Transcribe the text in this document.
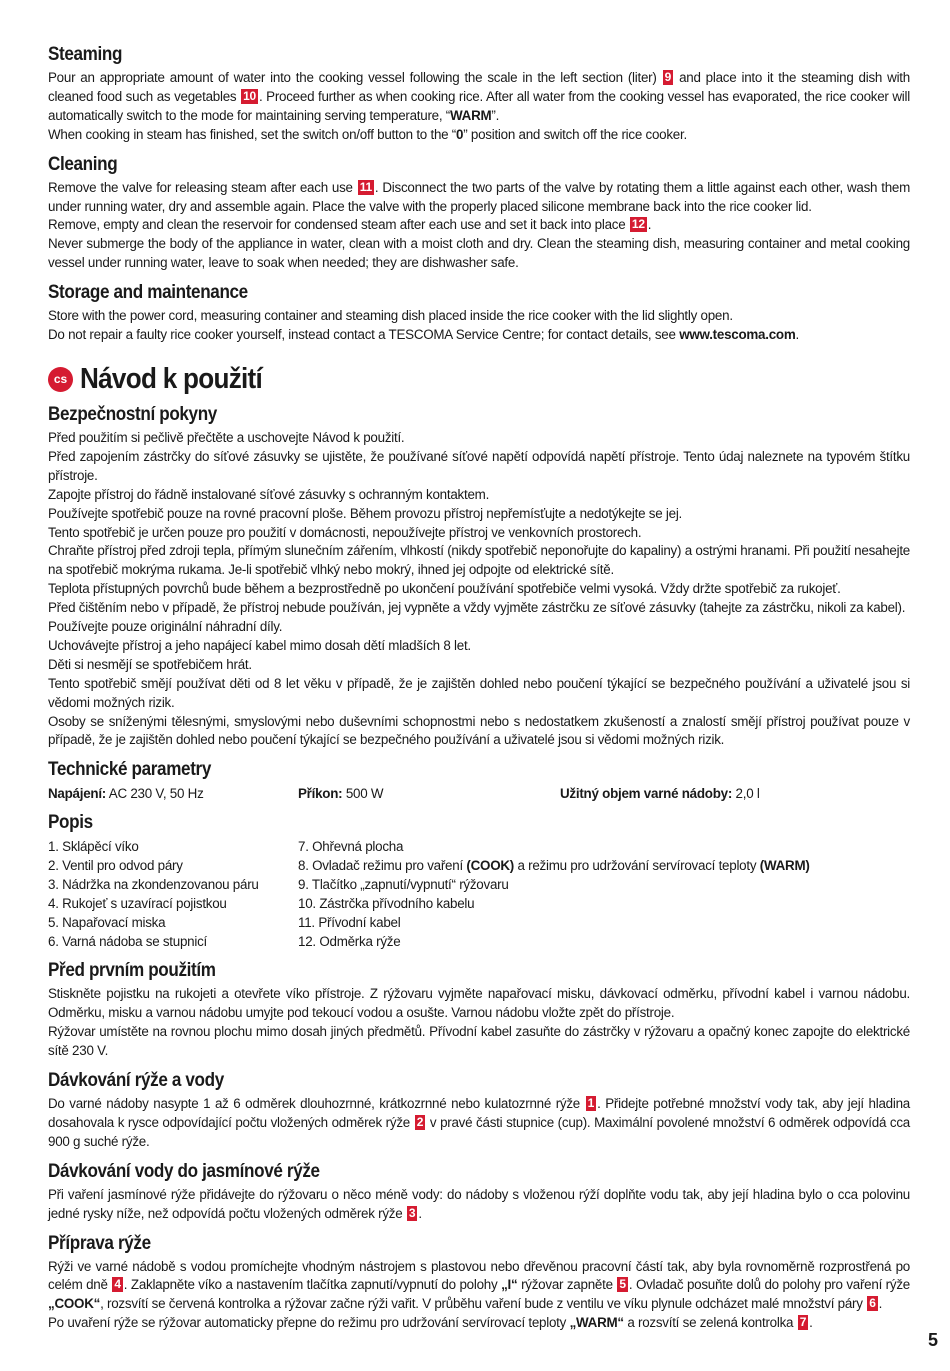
Steaming

Pour an appropriate amount of water into the cooking vessel following the scale in the left section (liter) 9 and place into it the steaming dish with cleaned food such as vegetables 10 . Proceed further as when cooking rice. After all water from the cooking vessel has evaporated, the rice cooker will automatically switch to the mode for maintaining serving temperature, “WARM”.

When cooking in steam has finished, set the switch on/off button to the “0” position and switch off the rice cooker.

Cleaning

Remove the valve for releasing steam after each use 11 . Disconnect the two parts of the valve by rotating them a little against each other, wash them under running water, dry and assemble again. Place the valve with the properly placed silicone membrane back into the rice cooker lid.

Remove, empty and clean the reservoir for condensed steam after each use and set it back into place 12 .

Never submerge the body of the appliance in water, clean with a moist cloth and dry. Clean the steaming dish, measuring container and metal cooking vessel under running water, leave to soak when needed; they are dishwasher safe.

Storage and maintenance

Store with the power cord, measuring container and steaming dish placed inside the rice cooker with the lid slightly open.

Do not repair a faulty rice cooker yourself, instead contact a TESCOMA Service Centre; for contact details, see www.tescoma.com.

cs Návod k použití
Bezpečnostní pokyny

Před použitím si pečlivě přečtěte a uschovejte Návod k použití.

Před zapojením zástrčky do síťové zásuvky se ujistěte, že používané síťové napětí odpovídá napětí přístroje. Tento údaj naleznete na typovém štítku přístroje.

Zapojte přístroj do řádně instalované síťové zásuvky s ochranným kontaktem.

Používejte spotřebič pouze na rovné pracovní ploše. Během provozu přístroj nepřemísťujte a nedotýkejte se jej.

Tento spotřebič je určen pouze pro použití v domácnosti, nepoužívejte přístroj ve venkovních prostorech.

Chraňte přístroj před zdroji tepla, přímým slunečním zářením, vlhkostí (nikdy spotřebič neponořujte do kapaliny) a ostrými hranami. Při použití nesahejte na spotřebič mokrýma rukama. Je-li spotřebič vlhký nebo mokrý, ihned jej odpojte od elektrické sítě.

Teplota přístupných povrchů bude během a bezprostředně po ukončení používání spotřebiče velmi vysoká. Vždy držte spotřebič za rukojeť.

Před čištěním nebo v případě, že přístroj nebude používán, jej vypněte a vždy vyjměte zástrčku ze síťové zásuvky (tahejte za zástrčku, nikoli za kabel).

Používejte pouze originální náhradní díly.

Uchovávejte přístroj a jeho napájecí kabel mimo dosah dětí mladších 8 let.

Děti si nesmějí se spotřebičem hrát.

Tento spotřebič smějí používat děti od 8 let věku v případě, že je zajištěn dohled nebo poučení týkající se bezpečného používání a uživatelé jsou si vědomi možných rizik.

Osoby se sníženými tělesnými, smyslovými nebo duševními schopnostmi nebo s nedostatkem zkušeností a znalostí smějí přístroj používat pouze v případě, že je zajištěn dohled nebo poučení týkající se bezpečného používání a uživatelé jsou si vědomi možných rizik.

Technické parametry
Napájení: AC 230 V, 50 Hz	Příkon: 500 W	Užitný objem varné nádoby: 2,0 l
Popis
1. Sklápěcí víko
2. Ventil pro odvod páry
3. Nádržka na zkondenzovanou páru
4. Rukojeť s uzavírací pojistkou
5. Napařovací miska
6. Varná nádoba se stupnicí
7. Ohřevná plocha
8. Ovladač režimu pro vaření (COOK) a režimu pro udržování servírovací teploty (WARM)
9. Tlačítko „zapnutí/vypnutí“ rýžovaru
10. Zástrčka přívodního kabelu
11. Přívodní kabel
12. Odměrka rýže
Před prvním použitím

Stiskněte pojistku na rukojeti a otevřete víko přístroje. Z rýžovaru vyjměte napařovací misku, dávkovací odměrku, přívodní kabel i varnou nádobu. Odměrku, misku a varnou nádobu umyjte pod tekoucí vodou a osušte. Varnou nádobu vložte zpět do přístroje.

Rýžovar umístěte na rovnou plochu mimo dosah jiných předmětů. Přívodní kabel zasuňte do zástrčky v rýžovaru a opačný konec zapojte do elektrické sítě 230 V.

Dávkování rýže a vody

Do varné nádoby nasypte 1 až 6 odměrek dlouhozrnné, krátkozrnné nebo kulatozrnné rýže 1 . Přidejte potřebné množství vody tak, aby její hladina dosahovala k rysce odpovídající počtu vložených odměrek rýže 2 v pravé části stupnice (cup). Maximální povolené množství 6 odměrek odpovídá cca 900 g suché rýže.

Dávkování vody do jasmínové rýže

Při vaření jasmínové rýže přidávejte do rýžovaru o něco méně vody: do nádoby s vloženou rýží doplňte vodu tak, aby její hladina bylo o cca polovinu jedné rysky níže, než odpovídá počtu vložených odměrek rýže 3 .

Příprava rýže

Rýži ve varné nádobě s vodou promíchejte vhodným nástrojem s plastovou nebo dřevěnou pracovní částí tak, aby byla rovnoměrně rozprostřená po celém dně 4 . Zaklapněte víko a nastavením tlačítka zapnutí/vypnutí do polohy „I“ rýžovar zapněte 5 . Ovladač posuňte dolů do polohy pro vaření rýže „COOK“, rozsvítí se červená kontrolka a rýžovar začne rýži vařit. V průběhu vaření bude z ventilu ve víku plynule odcházet malé množství páry 6 .

Po uvaření rýže se rýžovar automaticky přepne do režimu pro udržování servírovací teploty „WARM“ a rozsvítí se zelená kontrolka 7 .

5
